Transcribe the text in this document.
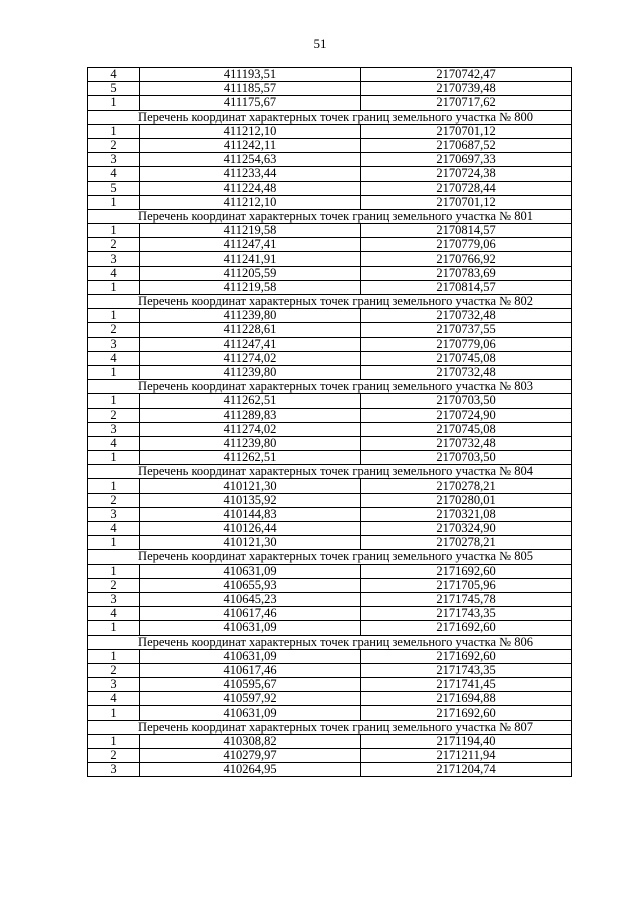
51
4	411193,51	2170742,47
5	411185,57	2170739,48
1	411175,67	2170717,62
Перечень координат характерных точек границ земельного участка № 800		
1	411212,10	2170701,12
2	411242,11	2170687,52
3	411254,63	2170697,33
4	411233,44	2170724,38
5	411224,48	2170728,44
1	411212,10	2170701,12
Перечень координат характерных точек границ земельного участка № 801		
1	411219,58	2170814,57
2	411247,41	2170779,06
3	411241,91	2170766,92
4	411205,59	2170783,69
1	411219,58	2170814,57
Перечень координат характерных точек границ земельного участка № 802		
1	411239,80	2170732,48
2	411228,61	2170737,55
3	411247,41	2170779,06
4	411274,02	2170745,08
1	411239,80	2170732,48
Перечень координат характерных точек границ земельного участка № 803		
1	411262,51	2170703,50
2	411289,83	2170724,90
3	411274,02	2170745,08
4	411239,80	2170732,48
1	411262,51	2170703,50
Перечень координат характерных точек границ земельного участка № 804		
1	410121,30	2170278,21
2	410135,92	2170280,01
3	410144,83	2170321,08
4	410126,44	2170324,90
1	410121,30	2170278,21
Перечень координат характерных точек границ земельного участка № 805		
1	410631,09	2171692,60
2	410655,93	2171705,96
3	410645,23	2171745,78
4	410617,46	2171743,35
1	410631,09	2171692,60
Перечень координат характерных точек границ земельного участка № 806		
1	410631,09	2171692,60
2	410617,46	2171743,35
3	410595,67	2171741,45
4	410597,92	2171694,88
1	410631,09	2171692,60
Перечень координат характерных точек границ земельного участка № 807		
1	410308,82	2171194,40
2	410279,97	2171211,94
3	410264,95	2171204,74
